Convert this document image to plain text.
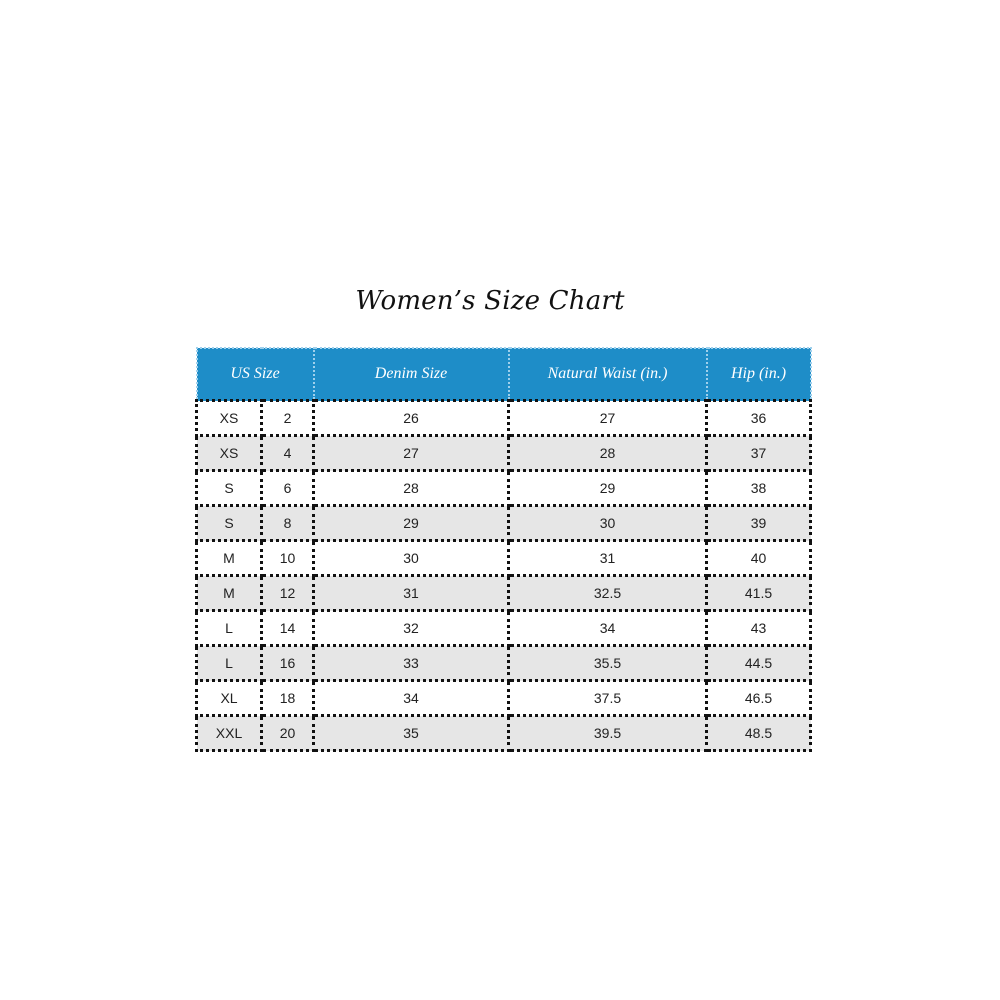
Women’s Size Chart
US Size		Denim Size	Natural Waist (in.)	Hip (in.)
XS	2	26	27	36
XS	4	27	28	37
S	6	28	29	38
S	8	29	30	39
M	10	30	31	40
M	12	31	32.5	41.5
L	14	32	34	43
L	16	33	35.5	44.5
XL	18	34	37.5	46.5
XXL	20	35	39.5	48.5
